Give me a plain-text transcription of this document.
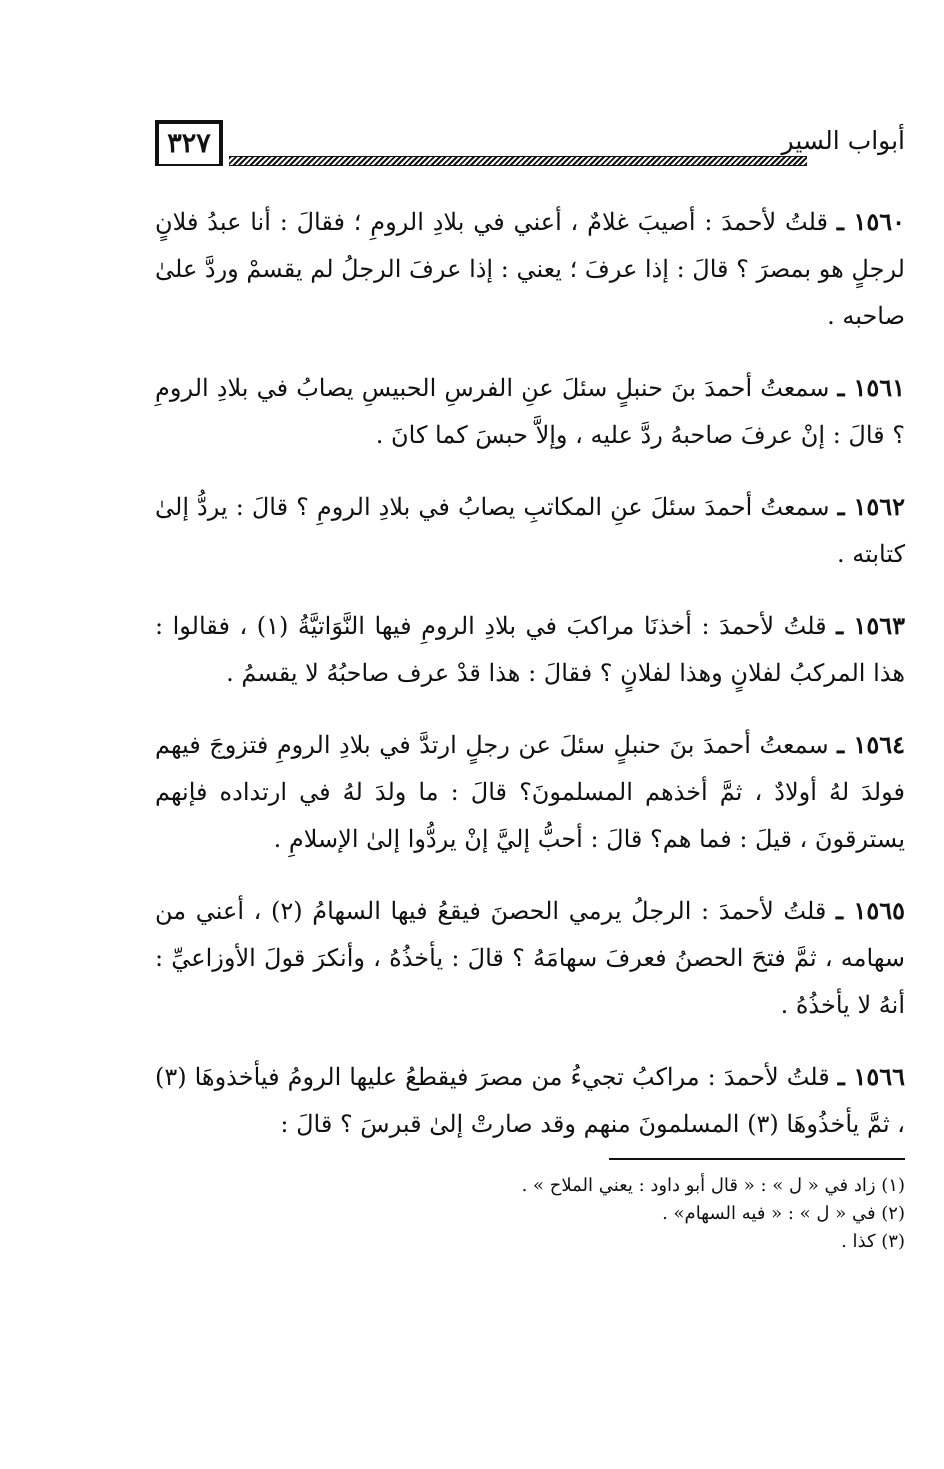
أبواب السير
٣٢٧

١٥٦٠ ـ قلتُ لأحمدَ : أصيبَ غلامٌ ، أعني في بلادِ الرومِ ؛ فقالَ : أنا عبدُ فلانٍ لرجلٍ هو بمصرَ ؟ قالَ : إذا عرفَ ؛ يعني : إذا عرفَ الرجلُ لم يقسمْ وردَّ علىٰ صاحبه .

١٥٦١ ـ سمعتُ أحمدَ بنَ حنبلٍ سئلَ عنِ الفرسِ الحبيسِ يصابُ في بلادِ الرومِ ؟ قالَ : إنْ عرفَ صاحبهُ ردَّ عليه ، وإلاَّ حبسَ كما كانَ .

١٥٦٢ ـ سمعتُ أحمدَ سئلَ عنِ المكاتبِ يصابُ في بلادِ الرومِ ؟ قالَ : يردُّ إلىٰ كتابته .

١٥٦٣ ـ قلتُ لأحمدَ : أخذنَا مراكبَ في بلادِ الرومِ فيها النَّوَاتيَّةُ (١) ، فقالوا : هذا المركبُ لفلانٍ وهذا لفلانٍ ؟ فقالَ : هذا قدْ عرف صاحبُهُ لا يقسمُ .

١٥٦٤ ـ سمعتُ أحمدَ بنَ حنبلٍ سئلَ عن رجلٍ ارتدَّ في بلادِ الرومِ فتزوجَ فيهم فولدَ لهُ أولادٌ ، ثمَّ أخذهم المسلمونَ؟ قالَ : ما ولدَ لهُ في ارتداده فإنهم يسترقونَ ، قيلَ : فما هم؟ قالَ : أحبُّ إليَّ إنْ يردُّوا إلىٰ الإسلامِ .

١٥٦٥ ـ قلتُ لأحمدَ : الرجلُ يرمي الحصنَ فيقعُ فيها السهامُ (٢) ، أعني من سهامه ، ثمَّ فتحَ الحصنُ فعرفَ سهامَهُ ؟ قالَ : يأخذُهُ ، وأنكرَ قولَ الأوزاعيِّ : أنهُ لا يأخذُهُ .

١٥٦٦ ـ قلتُ لأحمدَ : مراكبُ تجيءُ من مصرَ فيقطعُ عليها الرومُ فيأخذوهَا (٣) ، ثمَّ يأخذُوهَا (٣) المسلمونَ منهم وقد صارتْ إلىٰ قبرسَ ؟ قالَ :

(١) زاد في « ل » : « قال أبو داود : يعني الملاح » .
(٢) في « ل » : « فيه السهام» .
(٣) كذا .
